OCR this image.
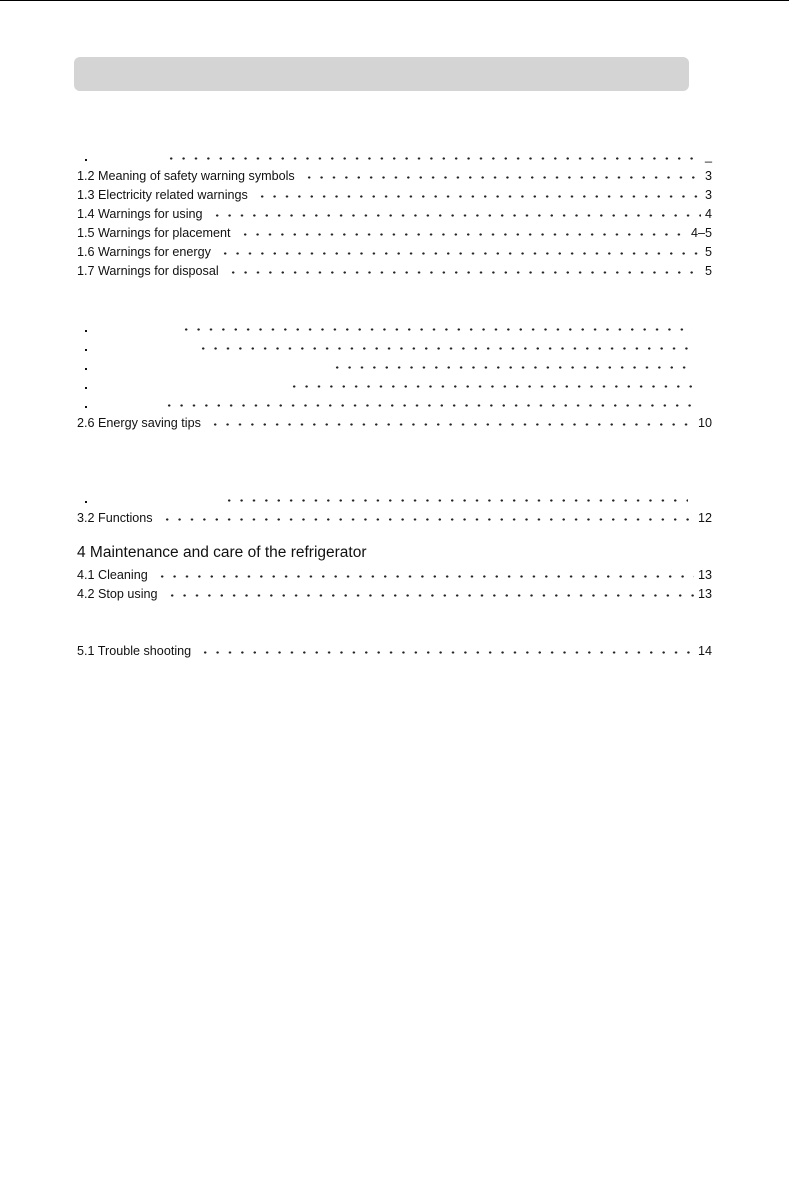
_
1.2 Meaning of safety warning symbols	3
1.3 Electricity related warnings	3
1.4 Warnings for using	4
1.5 Warnings for placement	4–5
1.6 Warnings for energy	5
1.7 Warnings for disposal	5
2.6 Energy saving tips	10
3.2 Functions	12
4 Maintenance and care of the refrigerator
4.1 Cleaning	13
4.2 Stop using	13
5.1 Trouble shooting	14
